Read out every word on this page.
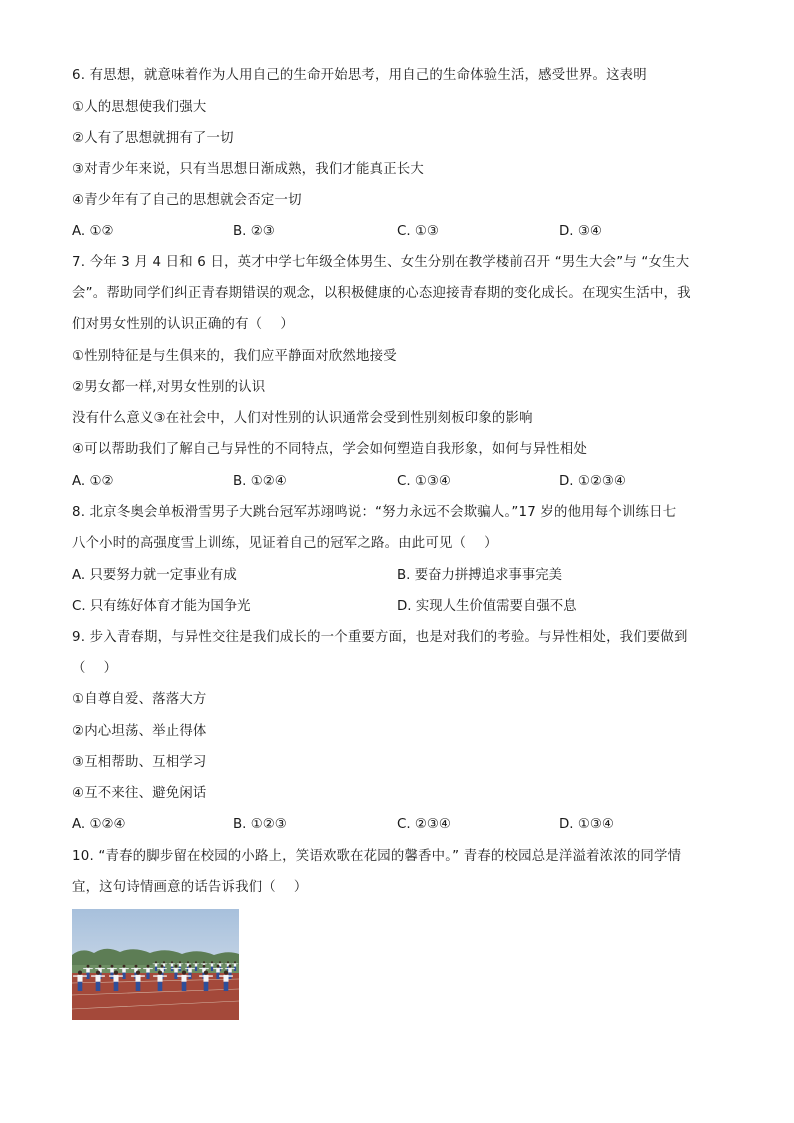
6. 有思想，就意味着作为人用自己的生命开始思考，用自己的生命体验生活，感受世界。这表明
①人的思想使我们强大
②人有了思想就拥有了一切
③对青少年来说，只有当思想日渐成熟，我们才能真正长大
④青少年有了自己的思想就会否定一切
A. ①②	B. ②③	C. ①③	D. ③④
7. 今年 3 月 4 日和 6 日，英才中学七年级全体男生、女生分别在教学楼前召开 “男生大会”与 “女生大
会”。帮助同学们纠正青春期错误的观念，以积极健康的心态迎接青春期的变化成长。在现实生活中，我
们对男女性别的认识正确的有（　 ）
①性别特征是与生俱来的，我们应平静面对欣然地接受
②男女都一样,对男女性别的认识
没有什么意义③在社会中，人们对性别的认识通常会受到性别刻板印象的影响
④可以帮助我们了解自己与异性的不同特点，学会如何塑造自我形象，如何与异性相处
A. ①②	B. ①②④	C. ①③④	D. ①②③④
8. 北京冬奥会单板滑雪男子大跳台冠军苏翊鸣说：“努力永远不会欺骗人。”17 岁的他用每个训练日七
八个小时的高强度雪上训练，见证着自己的冠军之路。由此可见（　 ）
A. 只要努力就一定事业有成	B. 要奋力拼搏追求事事完美
C. 只有练好体育才能为国争光	D. 实现人生价值需要自强不息
9. 步入青春期，与异性交往是我们成长的一个重要方面，也是对我们的考验。与异性相处，我们要做到
（　 ）
①自尊自爱、落落大方
②内心坦荡、举止得体
③互相帮助、互相学习
④互不来往、避免闲话
A. ①②④	B. ①②③	C. ②③④	D. ①③④
10. “青春的脚步留在校园的小路上，笑语欢歌在花园的馨香中。” 青春的校园总是洋溢着浓浓的同学情
宜，这句诗情画意的话告诉我们（　 ）
